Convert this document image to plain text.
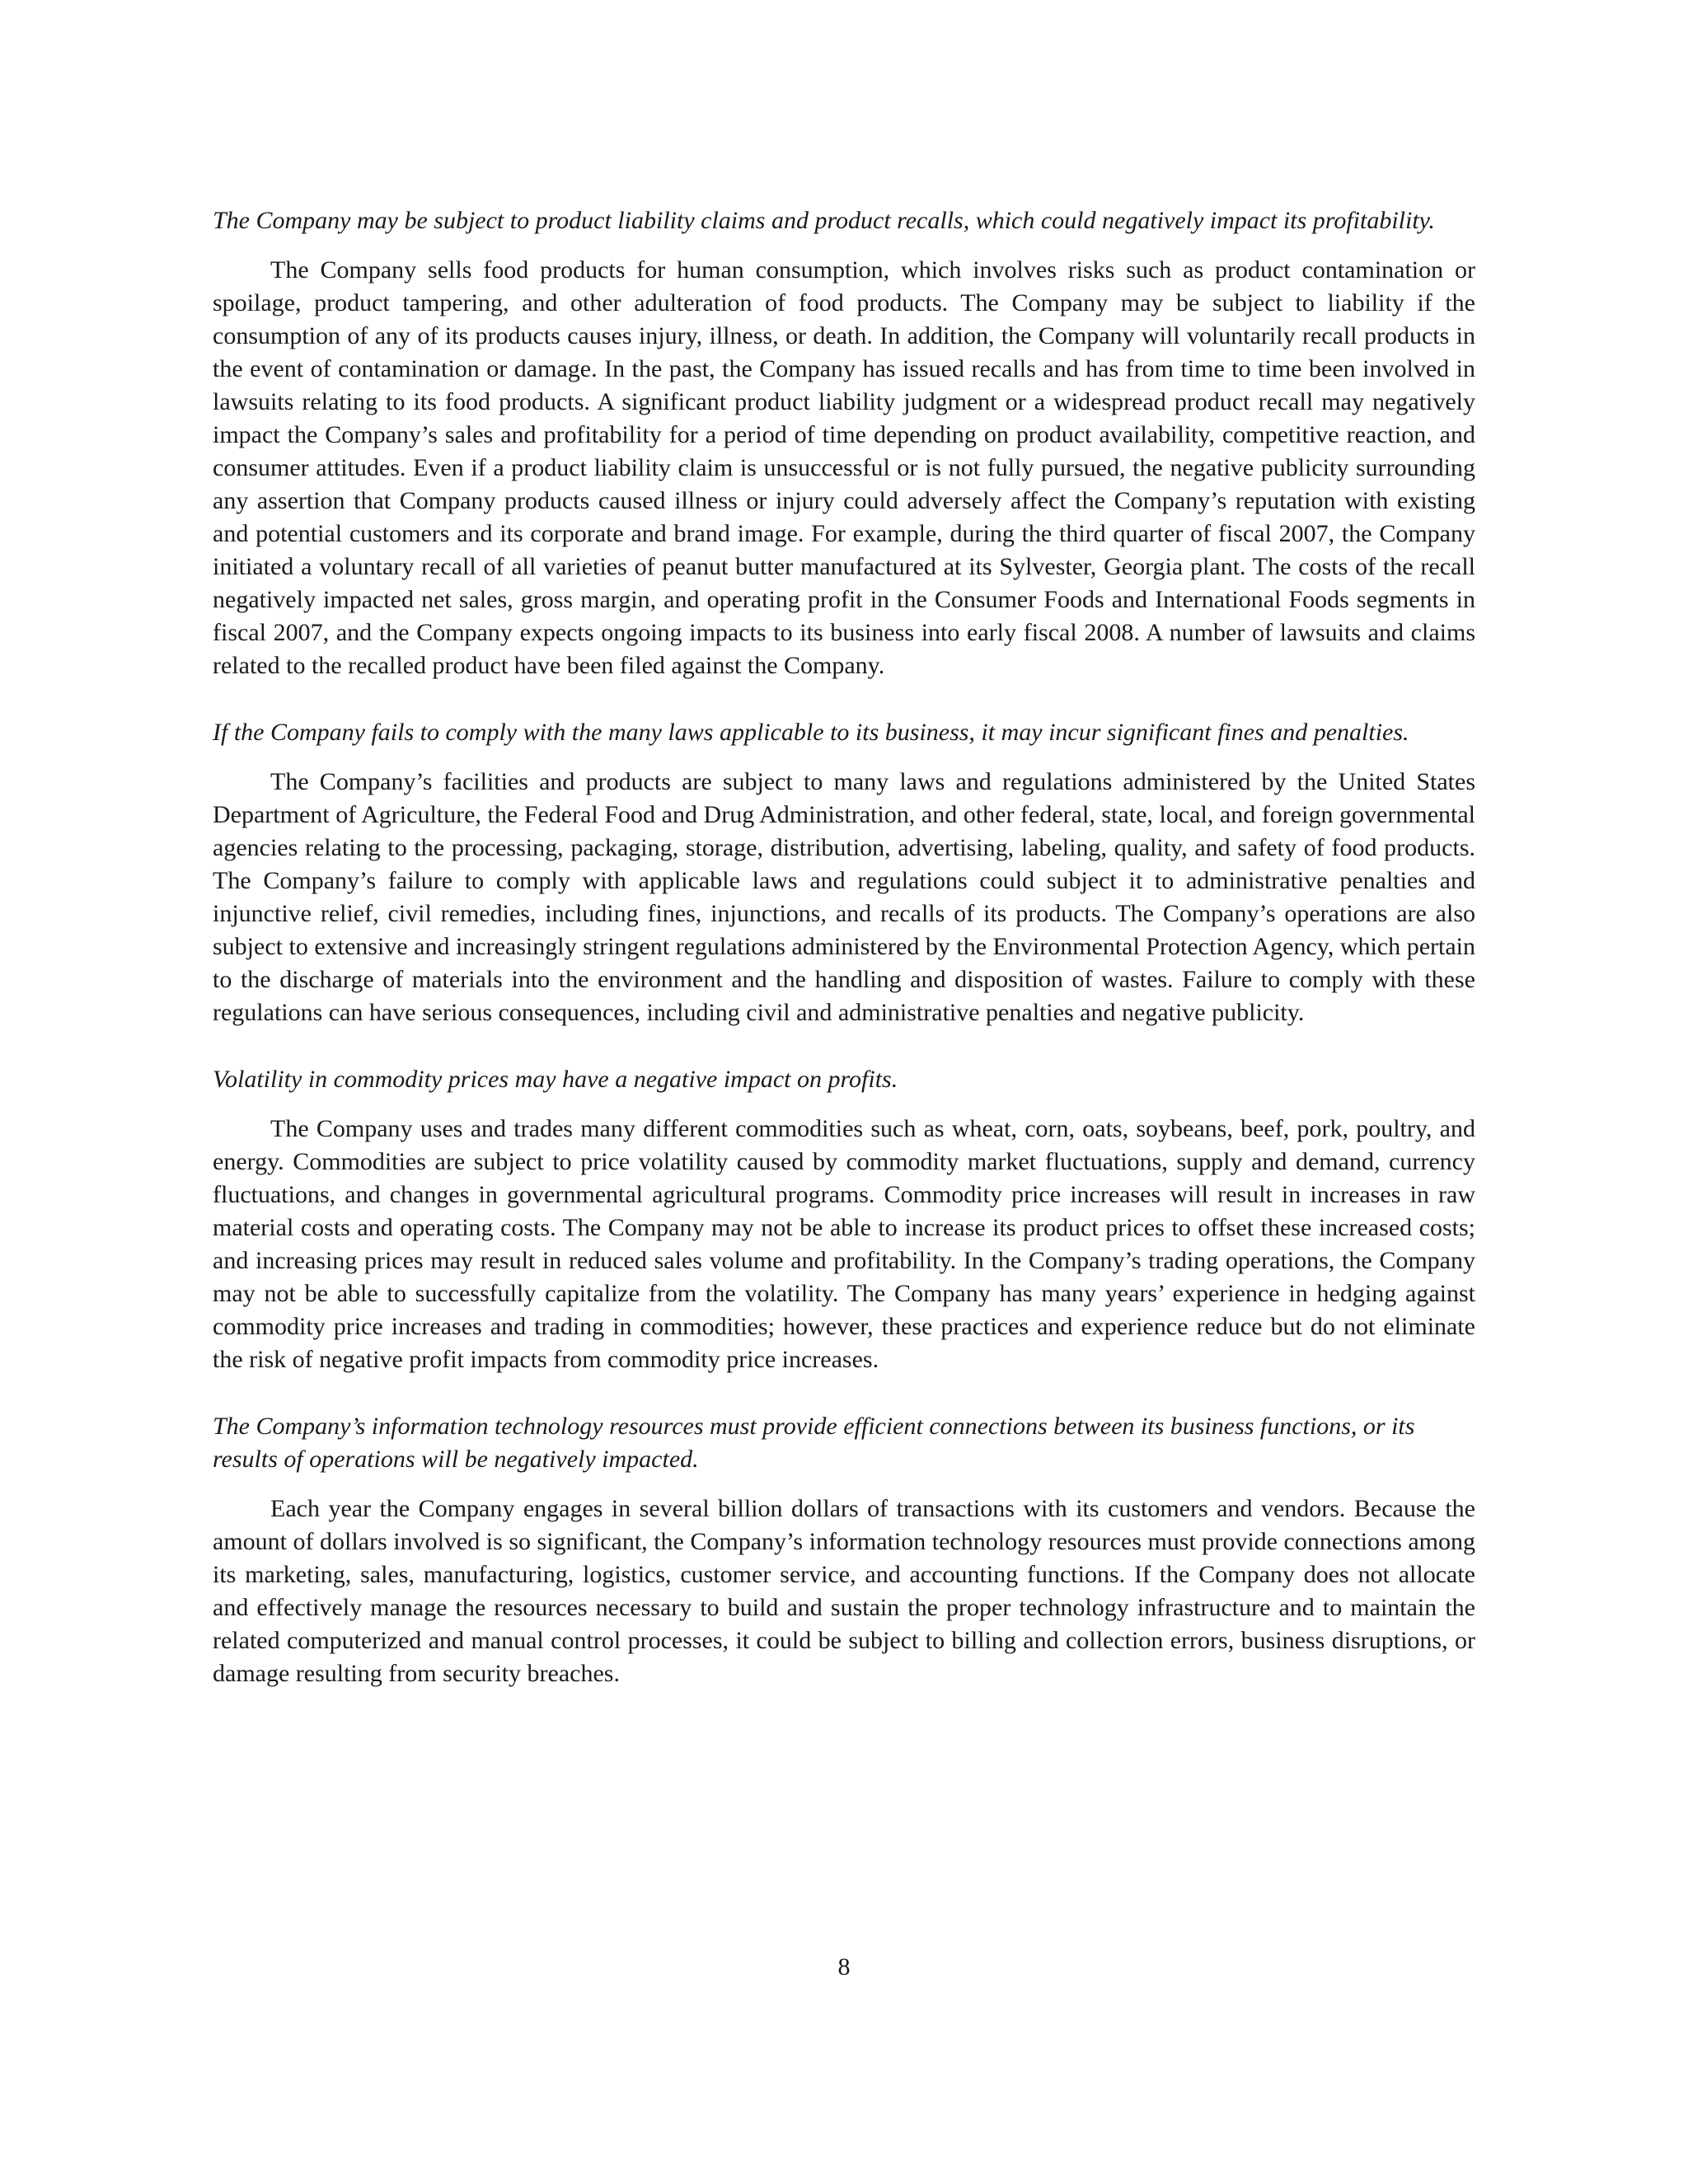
The Company may be subject to product liability claims and product recalls, which could negatively impact its profitability.

The Company sells food products for human consumption, which involves risks such as product contamination or spoilage, product tampering, and other adulteration of food products. The Company may be subject to liability if the consumption of any of its products causes injury, illness, or death. In addition, the Company will voluntarily recall products in the event of contamination or damage. In the past, the Company has issued recalls and has from time to time been involved in lawsuits relating to its food products. A significant product liability judgment or a widespread product recall may negatively impact the Company’s sales and profitability for a period of time depending on product availability, competitive reaction, and consumer attitudes. Even if a product liability claim is unsuccessful or is not fully pursued, the negative publicity surrounding any assertion that Company products caused illness or injury could adversely affect the Company’s reputation with existing and potential customers and its corporate and brand image. For example, during the third quarter of fiscal 2007, the Company initiated a voluntary recall of all varieties of peanut butter manufactured at its Sylvester, Georgia plant. The costs of the recall negatively impacted net sales, gross margin, and operating profit in the Consumer Foods and International Foods segments in fiscal 2007, and the Company expects ongoing impacts to its business into early fiscal 2008. A number of lawsuits and claims related to the recalled product have been filed against the Company.

If the Company fails to comply with the many laws applicable to its business, it may incur significant fines and penalties.

The Company’s facilities and products are subject to many laws and regulations administered by the United States Department of Agriculture, the Federal Food and Drug Administration, and other federal, state, local, and foreign governmental agencies relating to the processing, packaging, storage, distribution, advertising, labeling, quality, and safety of food products. The Company’s failure to comply with applicable laws and regulations could subject it to administrative penalties and injunctive relief, civil remedies, including fines, injunctions, and recalls of its products. The Company’s operations are also subject to extensive and increasingly stringent regulations administered by the Environmental Protection Agency, which pertain to the discharge of materials into the environment and the handling and disposition of wastes. Failure to comply with these regulations can have serious consequences, including civil and administrative penalties and negative publicity.

Volatility in commodity prices may have a negative impact on profits.

The Company uses and trades many different commodities such as wheat, corn, oats, soybeans, beef, pork, poultry, and energy. Commodities are subject to price volatility caused by commodity market fluctuations, supply and demand, currency fluctuations, and changes in governmental agricultural programs. Commodity price increases will result in increases in raw material costs and operating costs. The Company may not be able to increase its product prices to offset these increased costs; and increasing prices may result in reduced sales volume and profitability. In the Company’s trading operations, the Company may not be able to successfully capitalize from the volatility. The Company has many years’ experience in hedging against commodity price increases and trading in commodities; however, these practices and experience reduce but do not eliminate the risk of negative profit impacts from commodity price increases.

The Company’s information technology resources must provide efficient connections between its business functions, or its results of operations will be negatively impacted.

Each year the Company engages in several billion dollars of transactions with its customers and vendors. Because the amount of dollars involved is so significant, the Company’s information technology resources must provide connections among its marketing, sales, manufacturing, logistics, customer service, and accounting functions. If the Company does not allocate and effectively manage the resources necessary to build and sustain the proper technology infrastructure and to maintain the related computerized and manual control processes, it could be subject to billing and collection errors, business disruptions, or damage resulting from security breaches.

8
